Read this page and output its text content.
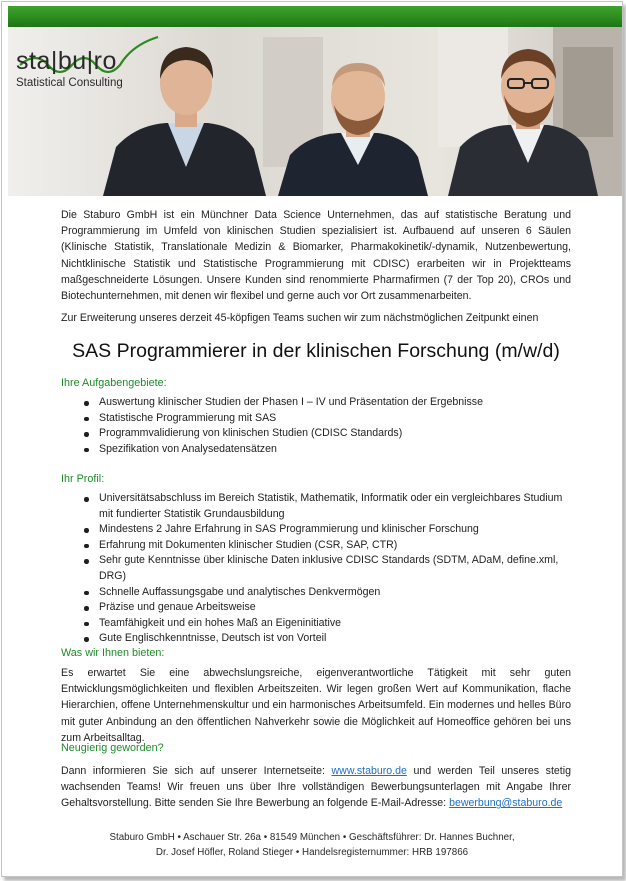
sta|bu|ro
Statistical Consulting

Die Staburo GmbH ist ein Münchner Data Science Unternehmen, das auf statistische Beratung und Programmierung im Umfeld von klinischen Studien spezialisiert ist. Aufbauend auf unseren 6 Säulen (Klinische Statistik, Translationale Medizin & Biomarker, Pharmakokinetik/-dynamik, Nutzenbewertung, Nichtklinische Statistik und Statistische Programmierung mit CDISC) erarbeiten wir in Projektteams maßgeschneiderte Lösungen. Unsere Kunden sind renommierte Pharmafirmen (7 der Top 20), CROs und Biotechunternehmen, mit denen wir flexibel und gerne auch vor Ort zusammenarbeiten.

Zur Erweiterung unseres derzeit 45-köpfigen Teams suchen wir zum nächstmöglichen Zeitpunkt einen

SAS Programmierer in der klinischen Forschung (m/w/d)
Ihre Aufgabengebiete:
Auswertung klinischer Studien der Phasen I – IV und Präsentation der Ergebnisse
Statistische Programmierung mit SAS
Programmvalidierung von klinischen Studien (CDISC Standards)
Spezifikation von Analysedatensätzen
Ihr Profil:
Universitätsabschluss im Bereich Statistik, Mathematik, Informatik oder ein vergleichbares Studium mit fundierter Statistik Grundausbildung
Mindestens 2 Jahre Erfahrung in SAS Programmierung und klinischer Forschung
Erfahrung mit Dokumenten klinischer Studien (CSR, SAP, CTR)
Sehr gute Kenntnisse über klinische Daten inklusive CDISC Standards (SDTM, ADaM, define.xml, DRG)
Schnelle Auffassungsgabe und analytisches Denkvermögen
Präzise und genaue Arbeitsweise
Teamfähigkeit und ein hohes Maß an Eigeninitiative
Gute Englischkenntnisse, Deutsch ist von Vorteil
Was wir Ihnen bieten:

Es erwartet Sie eine abwechslungsreiche, eigenverantwortliche Tätigkeit mit sehr guten Entwicklungsmöglichkeiten und flexiblen Arbeitszeiten. Wir legen großen Wert auf Kommunikation, flache Hierarchien, offene Unternehmenskultur und ein harmonisches Arbeitsumfeld. Ein modernes und helles Büro mit guter Anbindung an den öffentlichen Nahverkehr sowie die Möglichkeit auf Homeoffice gehören bei uns zum Arbeitsalltag.

Neugierig geworden?

Dann informieren Sie sich auf unserer Internetseite: www.staburo.de und werden Teil unseres stetig wachsenden Teams! Wir freuen uns über Ihre vollständigen Bewerbungsunterlagen mit Angabe Ihrer Gehaltsvorstellung. Bitte senden Sie Ihre Bewerbung an folgende E-Mail-Adresse: bewerbung@staburo.de

Staburo GmbH • Aschauer Str. 26a • 81549 München • Geschäftsführer: Dr. Hannes Buchner,
Dr. Josef Höfler, Roland Stieger • Handelsregisternummer: HRB 197866
